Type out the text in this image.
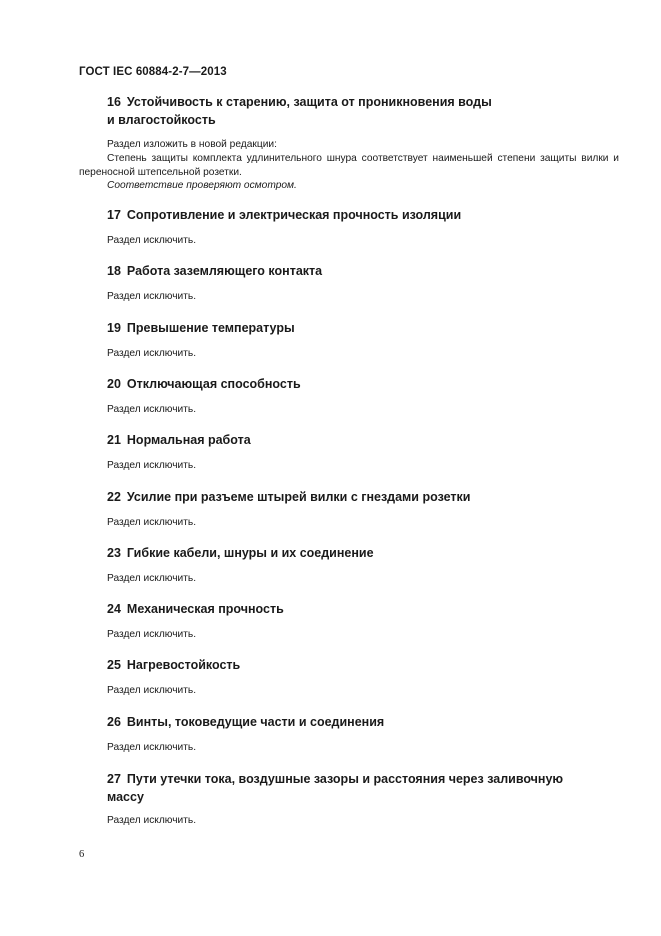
ГОСТ IEC 60884-2-7—2013
16 Устойчивость к старению, защита от проникновения воды
и влагостойкость
Раздел изложить в новой редакции:
Степень защиты комплекта удлинительного шнура соответствует наименьшей степени защиты вилки и переносной штепсельной розетки.
Соответствие проверяют осмотром.
17 Сопротивление и электрическая прочность изоляции
Раздел исключить.
18 Работа заземляющего контакта
Раздел исключить.
19 Превышение температуры
Раздел исключить.
20 Отключающая способность
Раздел исключить.
21 Нормальная работа
Раздел исключить.
22 Усилие при разъеме штырей вилки с гнездами розетки
Раздел исключить.
23 Гибкие кабели, шнуры и их соединение
Раздел исключить.
24 Механическая прочность
Раздел исключить.
25 Нагревостойкость
Раздел исключить.
26 Винты, токоведущие части и соединения
Раздел исключить.
27 Пути утечки тока, воздушные зазоры и расстояния через заливочную
массу
Раздел исключить.
6
